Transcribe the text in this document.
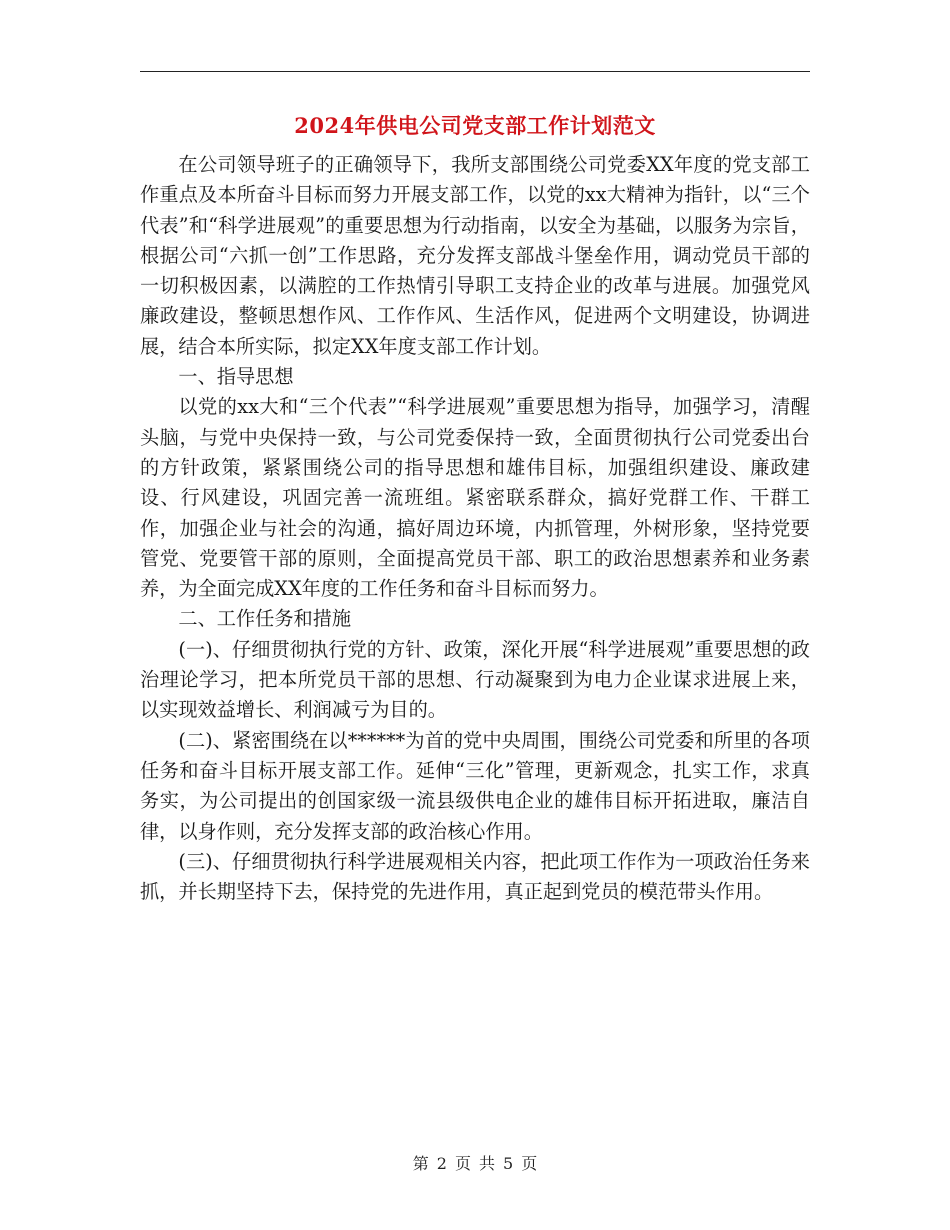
2024年供电公司党支部工作计划范文

在公司领导班子的正确领导下，我所支部围绕公司党委XX年度的党支部工作重点及本所奋斗目标而努力开展支部工作，以党的xx大精神为指针，以“三个代表”和“科学进展观”的重要思想为行动指南，以安全为基础，以服务为宗旨，根据公司“六抓一创”工作思路，充分发挥支部战斗堡垒作用，调动党员干部的一切积极因素，以满腔的工作热情引导职工支持企业的改革与进展。加强党风廉政建设，整顿思想作风、工作作风、生活作风，促进两个文明建设，协调进展，结合本所实际，拟定XX年度支部工作计划。

一、指导思想

以党的xx大和“三个代表”“科学进展观”重要思想为指导，加强学习，清醒头脑，与党中央保持一致，与公司党委保持一致，全面贯彻执行公司党委出台的方针政策，紧紧围绕公司的指导思想和雄伟目标，加强组织建设、廉政建设、行风建设，巩固完善一流班组。紧密联系群众，搞好党群工作、干群工作，加强企业与社会的沟通，搞好周边环境，内抓管理，外树形象，坚持党要管党、党要管干部的原则，全面提高党员干部、职工的政治思想素养和业务素养，为全面完成XX年度的工作任务和奋斗目标而努力。

二、工作任务和措施

(一)、仔细贯彻执行党的方针、政策，深化开展“科学进展观”重要思想的政治理论学习，把本所党员干部的思想、行动凝聚到为电力企业谋求进展上来，以实现效益增长、利润减亏为目的。

(二)、紧密围绕在以******为首的党中央周围，围绕公司党委和所里的各项任务和奋斗目标开展支部工作。延伸“三化”管理，更新观念，扎实工作，求真务实，为公司提出的创国家级一流县级供电企业的雄伟目标开拓进取，廉洁自律，以身作则，充分发挥支部的政治核心作用。

(三)、仔细贯彻执行科学进展观相关内容，把此项工作作为一项政治任务来抓，并长期坚持下去，保持党的先进作用，真正起到党员的模范带头作用。

第 2 页 共 5 页
